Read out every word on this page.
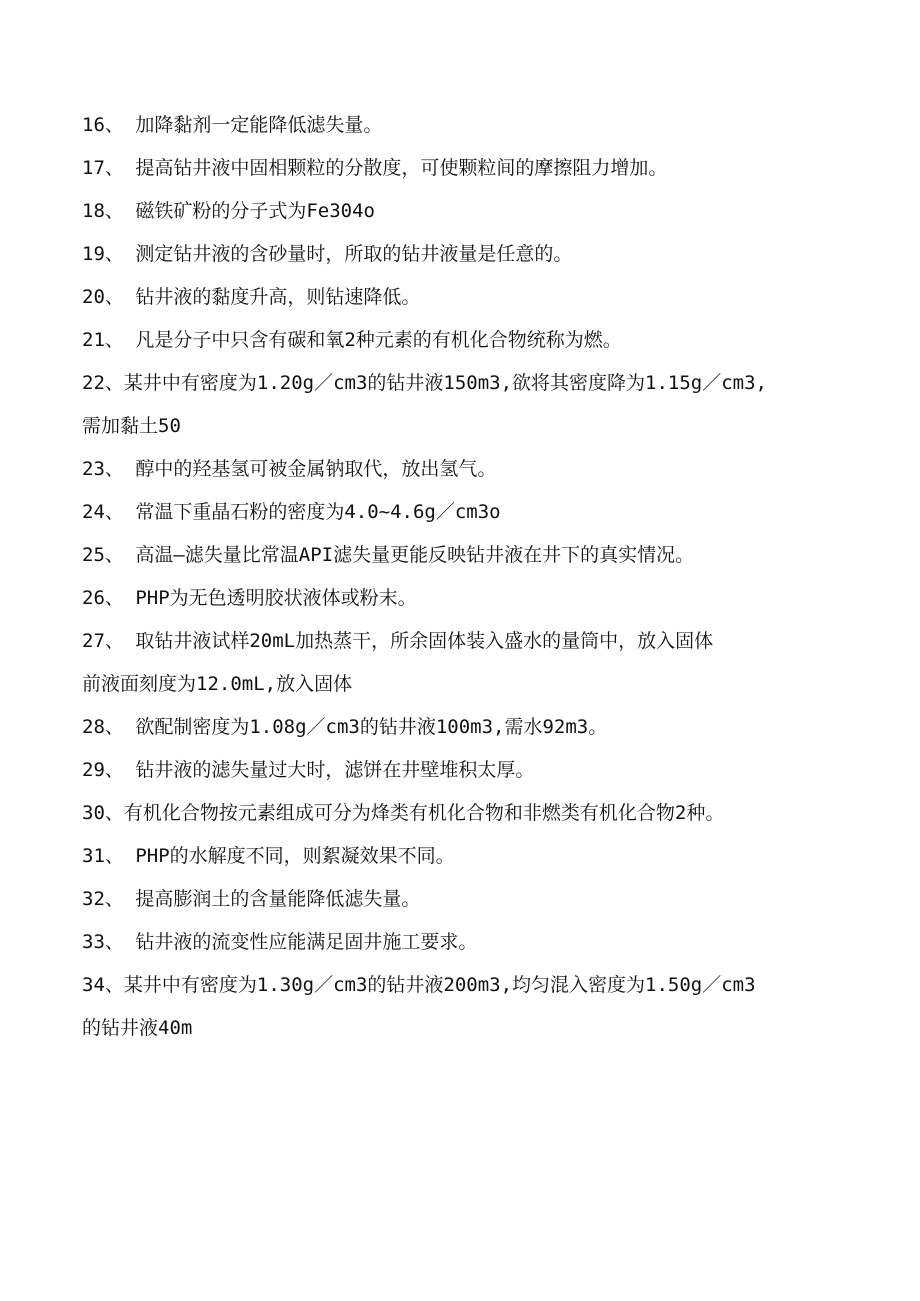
16、 加降黏剂一定能降低滤失量。

17、 提高钻井液中固相颗粒的分散度，可使颗粒间的摩擦阻力增加。

18、 磁铁矿粉的分子式为Fe304o

19、 测定钻井液的含砂量时，所取的钻井液量是任意的。

20、 钻井液的黏度升高，则钻速降低。

21、 凡是分子中只含有碳和氧2种元素的有机化合物统称为燃。

22、某井中有密度为1.20g／cm3的钻井液150m3,欲将其密度降为1.15g／cm3,

需加黏土50

23、 醇中的羟基氢可被金属钠取代，放出氢气。

24、 常温下重晶石粉的密度为4.0~4.6g／cm3o

25、 高温—滤失量比常温API滤失量更能反映钻井液在井下的真实情况。

26、 PHP为无色透明胶状液体或粉末。

27、 取钻井液试样20mL加热蒸干，所余固体装入盛水的量筒中，放入固体

前液面刻度为12.0mL,放入固体

28、 欲配制密度为1.08g／cm3的钻井液100m3,需水92m3。

29、 钻井液的滤失量过大时，滤饼在井壁堆积太厚。

30、有机化合物按元素组成可分为烽类有机化合物和非燃类有机化合物2种。

31、 PHP的水解度不同，则絮凝效果不同。

32、 提高膨润土的含量能降低滤失量。

33、 钻井液的流变性应能满足固井施工要求。

34、某井中有密度为1.30g／cm3的钻井液200m3,均匀混入密度为1.50g／cm3

的钻井液40m
